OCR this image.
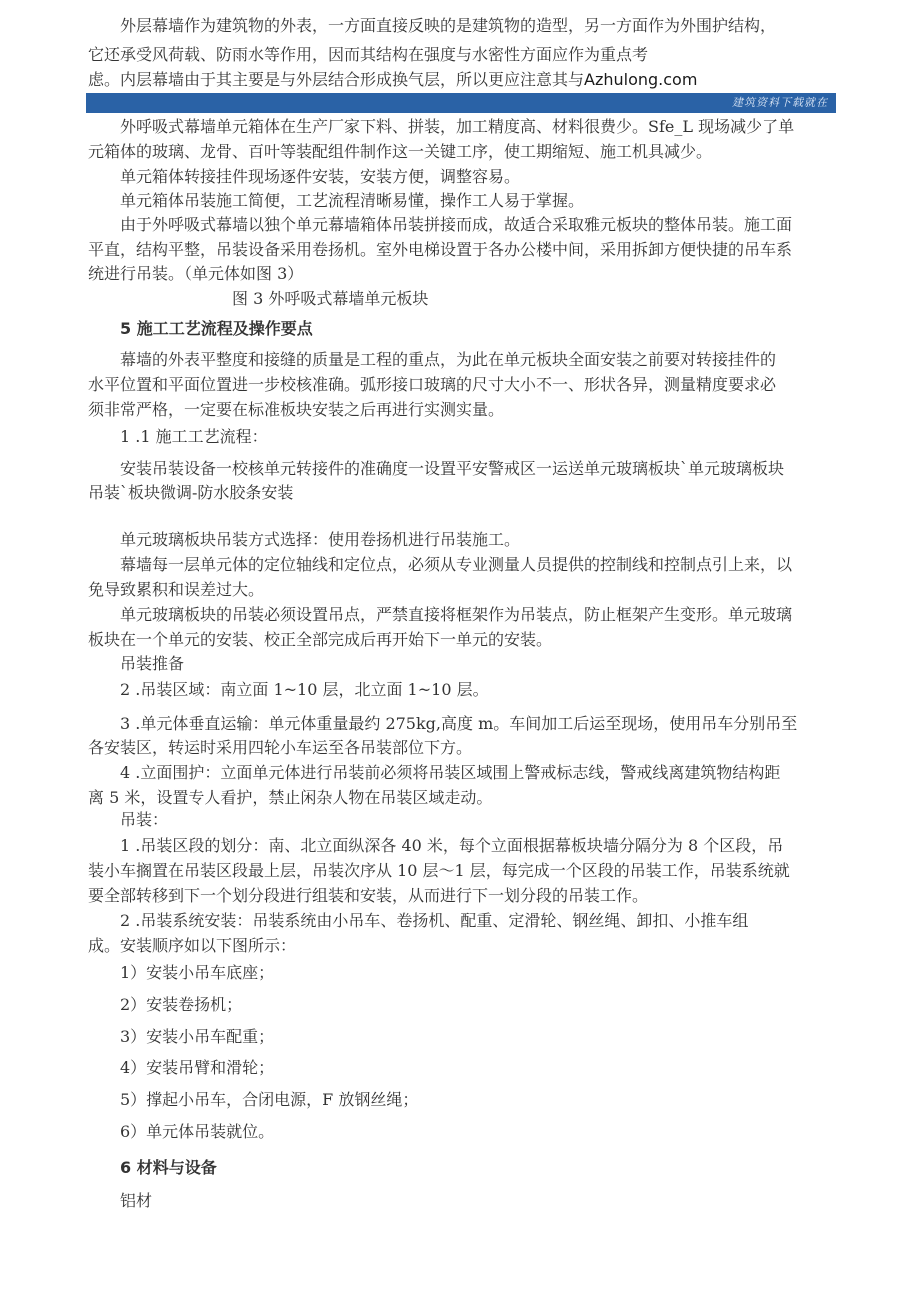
外层幕墙作为建筑物的外表，一方面直接反映的是建筑物的造型，另一方面作为外围护结构，
它还承受风荷载、防雨水等作用，因而其结构在强度与水密性方面应作为重点考
虑。内层幕墙由于其主要是与外层结合形成换气层，所以更应注意其与Azhulong.com
建筑资料下载就在
外呼吸式幕墙单元箱体在生产厂家下料、拼装，加工精度高、材料很费少。Sfe_L 现场减少了单
元箱体的玻璃、龙骨、百叶等装配组件制作这一关键工序，使工期缩短、施工机具减少。
单元箱体转接挂件现场逐件安装，安装方便，调整容易。
单元箱体吊装施工简便，工艺流程清晰易懂，操作工人易于掌握。
由于外呼吸式幕墙以独个单元幕墙箱体吊装拼接而成，故适合采取雅元板块的整体吊装。施工面
平直，结构平整，吊装设备采用卷扬机。室外电梯设置于各办公楼中间，采用拆卸方便快捷的吊车系
统进行吊装。（单元体如图 3）
图 3 外呼吸式幕墙单元板块
5 施工工艺流程及操作要点
幕墙的外表平整度和接缝的质量是工程的重点，为此在单元板块全面安装之前要对转接挂件的
水平位置和平面位置进一步校核准确。弧形接口玻璃的尺寸大小不一、形状各异，测量精度要求必
须非常严格，一定要在标准板块安装之后再进行实测实量。
1 .1 施工工艺流程：
安装吊装设备一校核单元转接件的准确度一设置平安警戒区一运送单元玻璃板块`单元玻璃板块
吊装`板块微调-防水胶条安装
单元玻璃板块吊装方式选择：使用卷扬机进行吊装施工。
幕墙每一层单元体的定位轴线和定位点，必须从专业测量人员提供的控制线和控制点引上来，以
免导致累积和误差过大。
单元玻璃板块的吊装必须设置吊点，严禁直接将框架作为吊装点，防止框架产生变形。单元玻璃
板块在一个单元的安装、校正全部完成后再开始下一单元的安装。
吊装推备
2 .吊装区域：南立面 1~10 层，北立面 1~10 层。
3 .单元体垂直运输：单元体重量最约 275kg,高度 m。车间加工后运至现场，使用吊车分别吊至
各安装区，转运时采用四轮小车运至各吊装部位下方。
4 .立面围护：立面单元体进行吊装前必须将吊装区域围上警戒标志线，警戒线离建筑物结构距
离 5 米，设置专人看护，禁止闲杂人物在吊装区域走动。
吊装：
1 .吊装区段的划分：南、北立面纵深各 40 米，每个立面根据幕板块墙分隔分为 8 个区段，吊
装小车搁置在吊装区段最上层，吊装次序从 10 层～1 层，每完成一个区段的吊装工作，吊装系统就
要全部转移到下一个划分段进行组装和安装，从而进行下一划分段的吊装工作。
2 .吊装系统安装：吊装系统由小吊车、卷扬机、配重、定滑轮、钢丝绳、卸扣、小推车组
成。安装顺序如以下图所示：
1）安装小吊车底座；
2）安装卷扬机；
3）安装小吊车配重；
4）安装吊臂和滑轮；
5）撑起小吊车，合闭电源，F 放钢丝绳；
6）单元体吊装就位。
6 材料与设备
铝材
